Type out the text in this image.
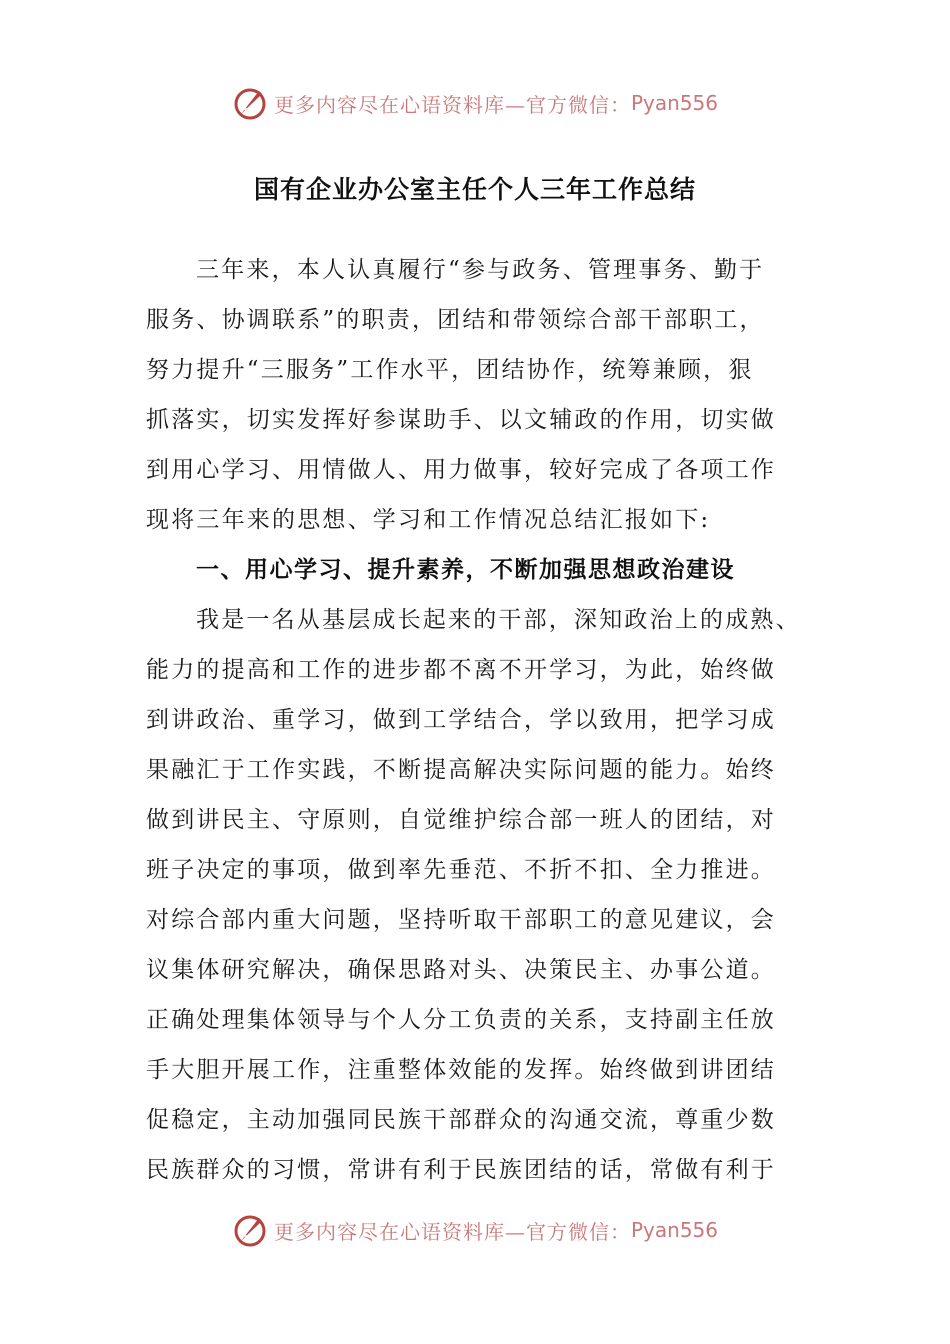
更多内容尽在心语资料库—官方微信： Pyan556
国有企业办公室主任个人三年工作总结
三年来，本人认真履行“参与政务、管理事务、勤于
服务、协调联系”的职责，团结和带领综合部干部职工，
努力提升“三服务”工作水平，团结协作，统筹兼顾，狠
抓落实，切实发挥好参谋助手、以文辅政的作用，切实做
到用心学习、用情做人、用力做事，较好完成了各项工作
现将三年来的思想、学习和工作情况总结汇报如下:
一、用心学习、提升素养，不断加强思想政治建设
我是一名从基层成长起来的干部，深知政治上的成熟、
能力的提高和工作的进步都不离不开学习，为此，始终做
到讲政治、重学习，做到工学结合，学以致用，把学习成
果融汇于工作实践，不断提高解决实际问题的能力。始终
做到讲民主、守原则，自觉维护综合部一班人的团结，对
班子决定的事项，做到率先垂范、不折不扣、全力推进。
对综合部内重大问题，坚持听取干部职工的意见建议，会
议集体研究解决，确保思路对头、决策民主、办事公道。
正确处理集体领导与个人分工负责的关系，支持副主任放
手大胆开展工作，注重整体效能的发挥。始终做到讲团结
促稳定，主动加强同民族干部群众的沟通交流，尊重少数
民族群众的习惯，常讲有利于民族团结的话，常做有利于
更多内容尽在心语资料库—官方微信： Pyan556
